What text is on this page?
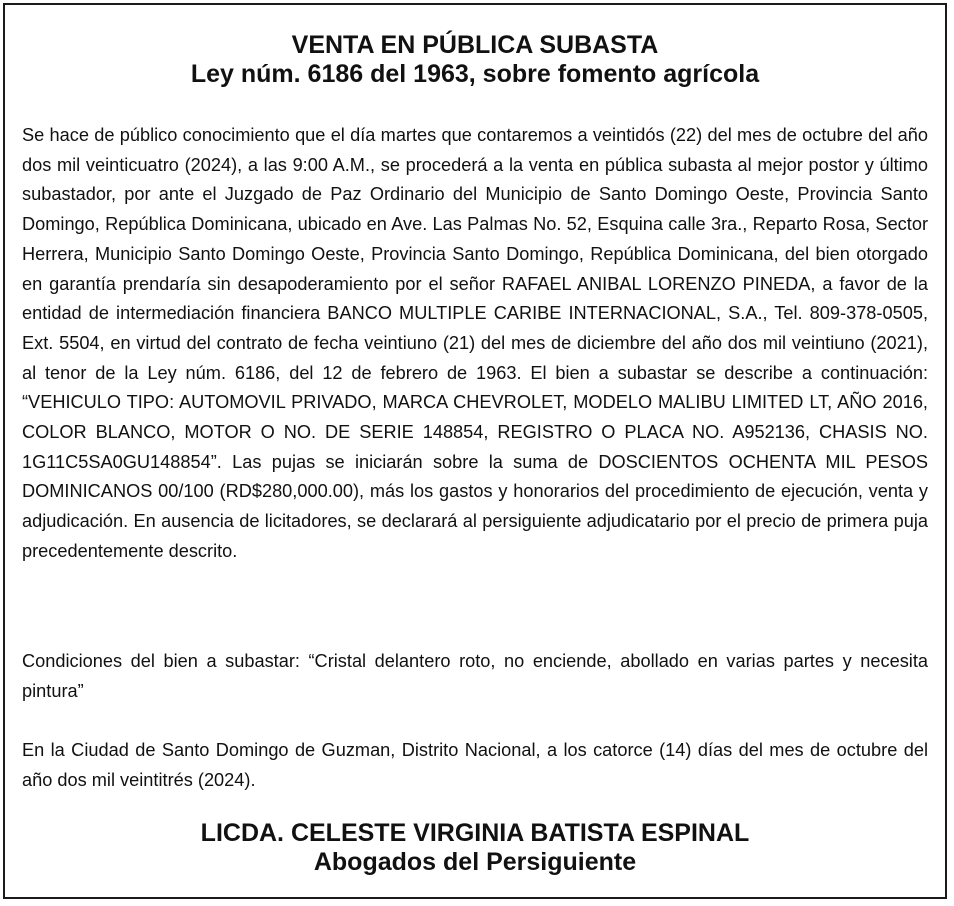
VENTA EN PÚBLICA SUBASTA
Ley núm. 6186 del 1963, sobre fomento agrícola

Se hace de público conocimiento que el día martes que contaremos a veintidós (22) del mes de octubre del año dos mil veinticuatro (2024), a las 9:00 A.M., se procederá a la venta en pública subasta al mejor postor y último subastador, por ante el Juzgado de Paz Ordinario del Municipio de Santo Domingo Oeste, Provincia Santo Domingo, República Dominicana, ubicado en Ave. Las Palmas No. 52, Esquina calle 3ra., Reparto Rosa, Sector Herrera, Municipio Santo Domingo Oeste, Provincia Santo Domingo, República Dominicana, del bien otorgado en garantía prendaría sin desapoderamiento por el señor RAFAEL ANIBAL LORENZO PINEDA, a favor de la entidad de intermediación financiera BANCO MULTIPLE CARIBE INTERNACIONAL, S.A., Tel. 809-378-0505, Ext. 5504, en virtud del contrato de fecha veintiuno (21) del mes de diciembre del año dos mil veintiuno (2021), al tenor de la Ley núm. 6186, del 12 de febrero de 1963. El bien a subastar se describe a continuación: “VEHICULO TIPO: AUTOMOVIL PRIVADO, MARCA CHEVROLET, MODELO MALIBU LIMITED LT, AÑO 2016, COLOR BLANCO, MOTOR O NO. DE SERIE 148854, REGISTRO O PLACA NO. A952136, CHASIS NO. 1G11C5SA0GU148854”. Las pujas se iniciarán sobre la suma de DOSCIENTOS OCHENTA MIL PESOS DOMINICANOS 00/100 (RD$280,000.00), más los gastos y honorarios del procedimiento de ejecución, venta y adjudicación. En ausencia de licitadores, se declarará al persiguiente adjudicatario por el precio de primera puja precedentemente descrito.

Condiciones del bien a subastar: “Cristal delantero roto, no enciende, abollado en varias partes y necesita pintura”

En la Ciudad de Santo Domingo de Guzman, Distrito Nacional, a los catorce (14) días del mes de octubre del año dos mil veintitrés (2024).

LICDA. CELESTE VIRGINIA BATISTA ESPINAL
Abogados del Persiguiente
